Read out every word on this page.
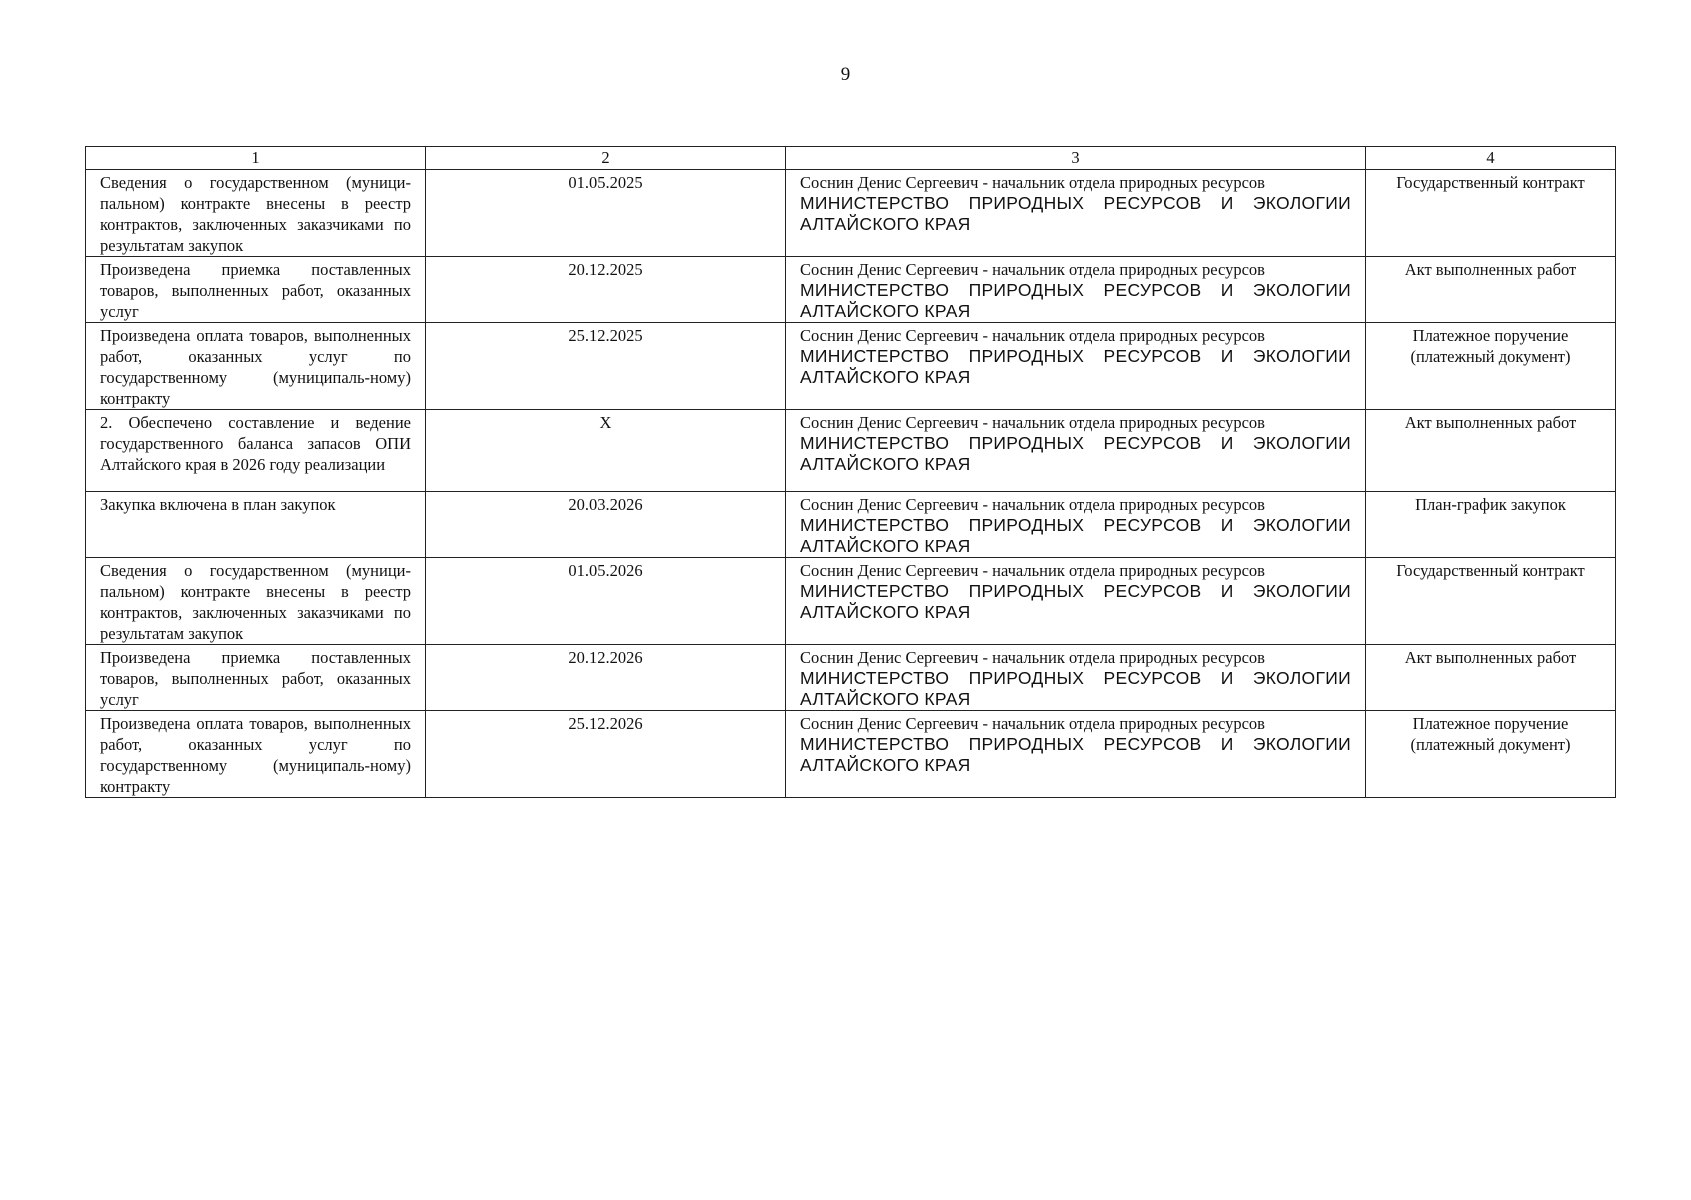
9
1	2	3	4
Сведения о государственном (муници-пальном) контракте внесены в реестр контрактов, заключенных заказчиками по результатам закупок	01.05.2025	Соснин Денис Сергеевич - начальник отдела природных ресурсов
МИНИСТЕРСТВО ПРИРОДНЫХ РЕСУРСОВ И ЭКОЛОГИИ АЛТАЙСКОГО КРАЯ	Государственный контракт
Произведена приемка поставленных товаров, выполненных работ, оказанных услуг	20.12.2025	Соснин Денис Сергеевич - начальник отдела природных ресурсов
МИНИСТЕРСТВО ПРИРОДНЫХ РЕСУРСОВ И ЭКОЛОГИИ АЛТАЙСКОГО КРАЯ	Акт выполненных работ
Произведена оплата товаров, выполненных работ, оказанных услуг по государственному (муниципаль-ному) контракту	25.12.2025	Соснин Денис Сергеевич - начальник отдела природных ресурсов
МИНИСТЕРСТВО ПРИРОДНЫХ РЕСУРСОВ И ЭКОЛОГИИ АЛТАЙСКОГО КРАЯ	Платежное поручение (платежный документ)
2. Обеспечено составление и ведение государственного баланса запасов ОПИ Алтайского края в 2026 году реализации	X	Соснин Денис Сергеевич - начальник отдела природных ресурсов
МИНИСТЕРСТВО ПРИРОДНЫХ РЕСУРСОВ И ЭКОЛОГИИ АЛТАЙСКОГО КРАЯ	Акт выполненных работ
Закупка включена в план закупок	20.03.2026	Соснин Денис Сергеевич - начальник отдела природных ресурсов
МИНИСТЕРСТВО ПРИРОДНЫХ РЕСУРСОВ И ЭКОЛОГИИ АЛТАЙСКОГО КРАЯ	План-график закупок
Сведения о государственном (муници-пальном) контракте внесены в реестр контрактов, заключенных заказчиками по результатам закупок	01.05.2026	Соснин Денис Сергеевич - начальник отдела природных ресурсов
МИНИСТЕРСТВО ПРИРОДНЫХ РЕСУРСОВ И ЭКОЛОГИИ АЛТАЙСКОГО КРАЯ	Государственный контракт
Произведена приемка поставленных товаров, выполненных работ, оказанных услуг	20.12.2026	Соснин Денис Сергеевич - начальник отдела природных ресурсов
МИНИСТЕРСТВО ПРИРОДНЫХ РЕСУРСОВ И ЭКОЛОГИИ АЛТАЙСКОГО КРАЯ	Акт выполненных работ
Произведена оплата товаров, выполненных работ, оказанных услуг по государственному (муниципаль-ному) контракту	25.12.2026	Соснин Денис Сергеевич - начальник отдела природных ресурсов
МИНИСТЕРСТВО ПРИРОДНЫХ РЕСУРСОВ И ЭКОЛОГИИ АЛТАЙСКОГО КРАЯ	Платежное поручение (платежный документ)
